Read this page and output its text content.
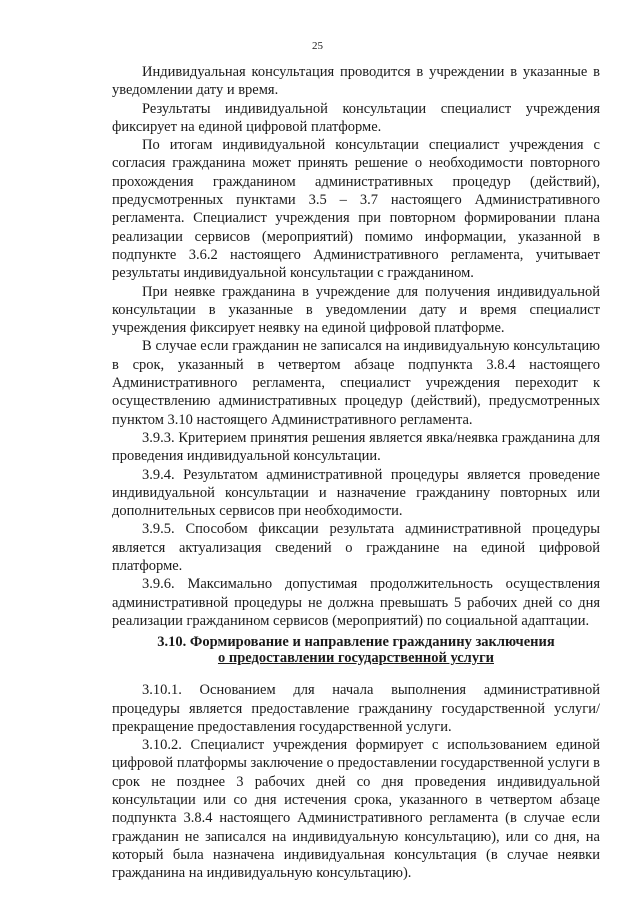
25

Индивидуальная консультация проводится в учреждении в указанные в уведомлении дату и время.

Результаты индивидуальной консультации специалист учреждения фиксирует на единой цифровой платформе.

По итогам индивидуальной консультации специалист учреждения с согласия гражданина может принять решение о необходимости повторного прохождения гражданином административных процедур (действий), предусмотренных пунктами 3.5 – 3.7 настоящего Административного регламента. Специалист учреждения при повторном формировании плана реализации сервисов (мероприятий) помимо информации, указанной в подпункте 3.6.2 настоящего Административного регламента, учитывает результаты индивидуальной консультации с гражданином.

При неявке гражданина в учреждение для получения индивидуальной консультации в указанные в уведомлении дату и время специалист учреждения фиксирует неявку на единой цифровой платформе.

В случае если гражданин не записался на индивидуальную консультацию в срок, указанный в четвертом абзаце подпункта 3.8.4 настоящего Административного регламента, специалист учреждения переходит к осуществлению административных процедур (действий), предусмотренных пунктом 3.10 настоящего Административного регламента.

3.9.3. Критерием принятия решения является явка/неявка гражданина для проведения индивидуальной консультации.

3.9.4. Результатом административной процедуры является проведение индивидуальной консультации и назначение гражданину повторных или дополнительных сервисов при необходимости.

3.9.5. Способом фиксации результата административной процедуры является актуализация сведений о гражданине на единой цифровой платформе.

3.9.6. Максимально допустимая продолжительность осуществления административной процедуры не должна превышать 5 рабочих дней со дня реализации гражданином сервисов (мероприятий) по социальной адаптации.

3.10. Формирование и направление гражданину заключения
о предоставлении государственной услуги

3.10.1. Основанием для начала выполнения административной процедуры является предоставление гражданину государственной услуги/прекращение предоставления государственной услуги.

3.10.2. Специалист учреждения формирует с использованием единой цифровой платформы заключение о предоставлении государственной услуги в срок не позднее 3 рабочих дней со дня проведения индивидуальной консультации или со дня истечения срока, указанного в четвертом абзаце подпункта 3.8.4 настоящего Административного регламента (в случае если гражданин не записался на индивидуальную консультацию), или со дня, на который была назначена индивидуальная консультация (в случае неявки гражданина на индивидуальную консультацию).
